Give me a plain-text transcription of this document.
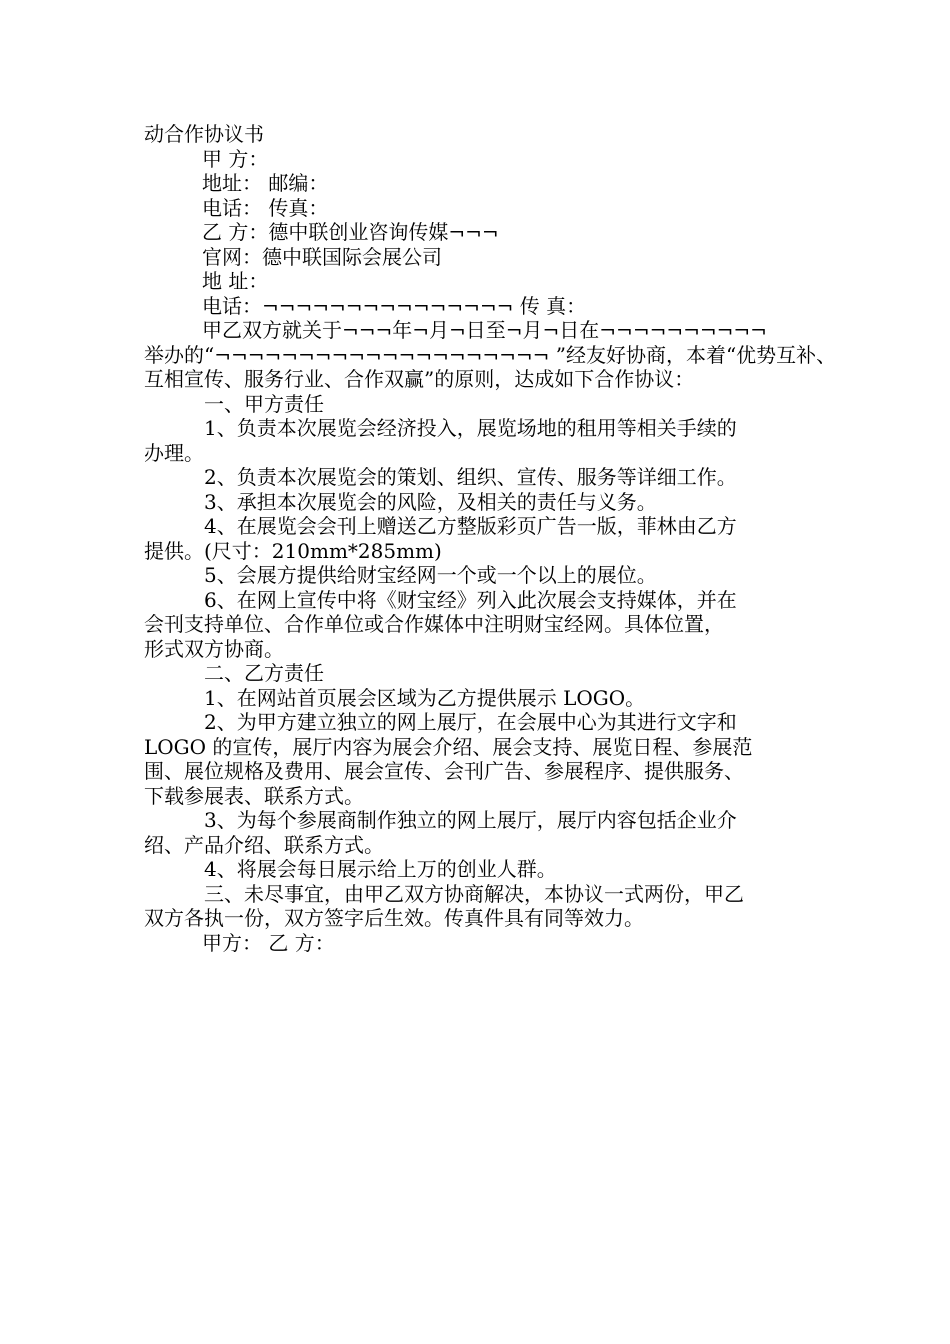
动合作协议书
甲 方：
地址： 邮编：
电话： 传真：
乙 方：德中联创业咨询传媒¬¬¬
官网：德中联国际会展公司
地 址：
电话：¬¬¬¬¬¬¬¬¬¬¬¬¬¬¬ 传 真：
甲乙双方就关于¬¬¬年¬月¬日至¬月¬日在¬¬¬¬¬¬¬¬¬¬
举办的“¬¬¬¬¬¬¬¬¬¬¬¬¬¬¬¬¬¬¬¬ ”经友好协商，本着“优势互补、
互相宣传、服务行业、合作双赢”的原则，达成如下合作协议：
一、甲方责任
1、负责本次展览会经济投入，展览场地的租用等相关手续的
办理。
2、负责本次展览会的策划、组织、宣传、服务等详细工作。
3、承担本次展览会的风险，及相关的责任与义务。
4、在展览会会刊上赠送乙方整版彩页广告一版，菲林由乙方
提供。(尺寸：210mm*285mm)
5、会展方提供给财宝经网一个或一个以上的展位。
6、在网上宣传中将《财宝经》列入此次展会支持媒体，并在
会刊支持单位、合作单位或合作媒体中注明财宝经网。具体位置，
形式双方协商。
二、乙方责任
1、在网站首页展会区域为乙方提供展示 LOGO。
2、为甲方建立独立的网上展厅，在会展中心为其进行文字和
LOGO 的宣传，展厅内容为展会介绍、展会支持、展览日程、参展范
围、展位规格及费用、展会宣传、会刊广告、参展程序、提供服务、
下载参展表、联系方式。
3、为每个参展商制作独立的网上展厅，展厅内容包括企业介
绍、产品介绍、联系方式。
4、将展会每日展示给上万的创业人群。
三、未尽事宜，由甲乙双方协商解决，本协议一式两份，甲乙
双方各执一份，双方签字后生效。传真件具有同等效力。
甲方： 乙 方：
